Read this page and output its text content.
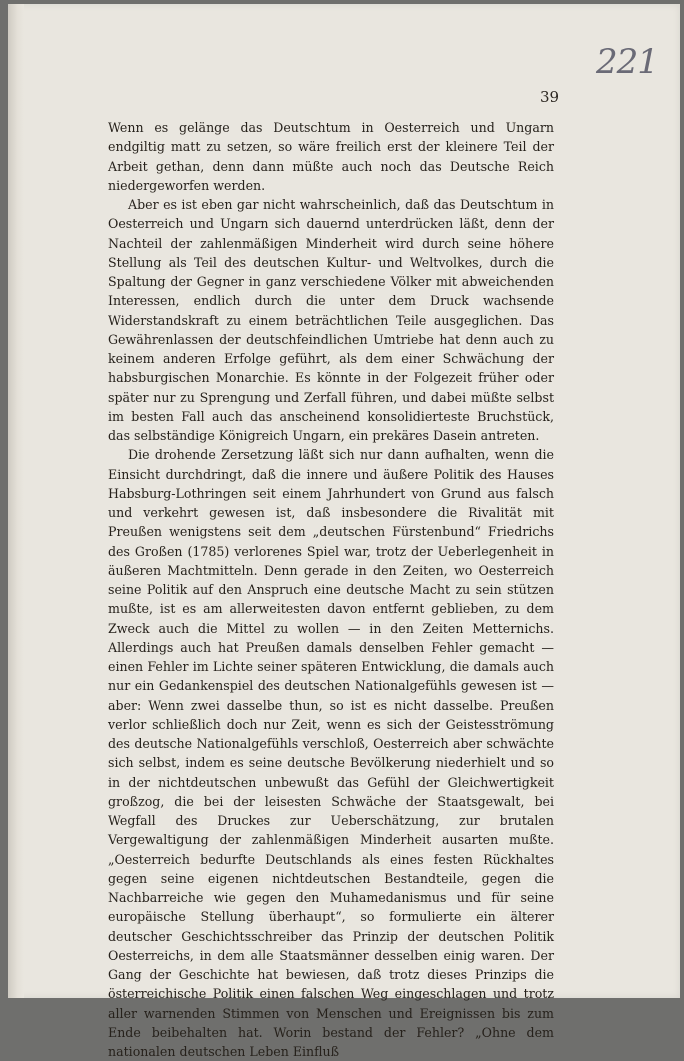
221
39

Wenn es gelänge das Deutschtum in Oesterreich und Ungarn endgiltig matt zu setzen, so wäre freilich erst der kleinere Teil der Arbeit gethan, denn dann müßte auch noch das Deutsche Reich niedergeworfen werden.

Aber es ist eben gar nicht wahrscheinlich, daß das Deutschtum in Oesterreich und Ungarn sich dauernd unterdrücken läßt, denn der Nachteil der zahlenmäßigen Minderheit wird durch seine höhere Stellung als Teil des deutschen Kultur- und Weltvolkes, durch die Spaltung der Gegner in ganz verschiedene Völker mit abweichenden Interessen, endlich durch die unter dem Druck wachsende Widerstandskraft zu einem beträchtlichen Teile ausgeglichen. Das Gewährenlassen der deutschfeindlichen Umtriebe hat denn auch zu keinem anderen Erfolge geführt, als dem einer Schwächung der habsburgischen Monarchie. Es könnte in der Folgezeit früher oder später nur zu Sprengung und Zerfall führen, und dabei müßte selbst im besten Fall auch das anscheinend konsolidierteste Bruchstück, das selbständige Königreich Ungarn, ein prekäres Dasein antreten.

Die drohende Zersetzung läßt sich nur dann aufhalten, wenn die Einsicht durchdringt, daß die innere und äußere Politik des Hauses Habsburg-Lothringen seit einem Jahrhundert von Grund aus falsch und verkehrt gewesen ist, daß insbesondere die Rivalität mit Preußen wenigstens seit dem „deutschen Fürstenbund“ Friedrichs des Großen (1785) verlorenes Spiel war, trotz der Ueberlegenheit in äußeren Machtmitteln. Denn gerade in den Zeiten, wo Oesterreich seine Politik auf den Anspruch eine deutsche Macht zu sein stützen mußte, ist es am allerweitesten davon entfernt geblieben, zu dem Zweck auch die Mittel zu wollen — in den Zeiten Metternichs. Allerdings auch hat Preußen damals denselben Fehler gemacht — einen Fehler im Lichte seiner späteren Entwicklung, die damals auch nur ein Gedankenspiel des deutschen Nationalgefühls gewesen ist — aber: Wenn zwei dasselbe thun, so ist es nicht dasselbe. Preußen verlor schließlich doch nur Zeit, wenn es sich der Geistesströmung des deutsche Nationalgefühls verschloß, Oesterreich aber schwächte sich selbst, indem es seine deutsche Bevölkerung niederhielt und so in der nichtdeutschen unbewußt das Gefühl der Gleichwertigkeit großzog, die bei der leisesten Schwäche der Staatsgewalt, bei Wegfall des Druckes zur Ueberschätzung, zur brutalen Vergewaltigung der zahlenmäßigen Minderheit ausarten mußte. „Oesterreich bedurfte Deutschlands als eines festen Rückhaltes gegen seine eigenen nichtdeutschen Bestandteile, gegen die Nachbarreiche wie gegen den Muhamedanismus und für seine europäische Stellung überhaupt“, so formulierte ein älterer deutscher Geschichtsschreiber das Prinzip der deutschen Politik Oesterreichs, in dem alle Staatsmänner desselben einig waren. Der Gang der Geschichte hat bewiesen, daß trotz dieses Prinzips die österreichische Politik einen falschen Weg eingeschlagen und trotz aller warnenden Stimmen von Menschen und Ereignissen bis zum Ende beibehalten hat. Worin bestand der Fehler? „Ohne dem nationalen deutschen Leben Einfluß
